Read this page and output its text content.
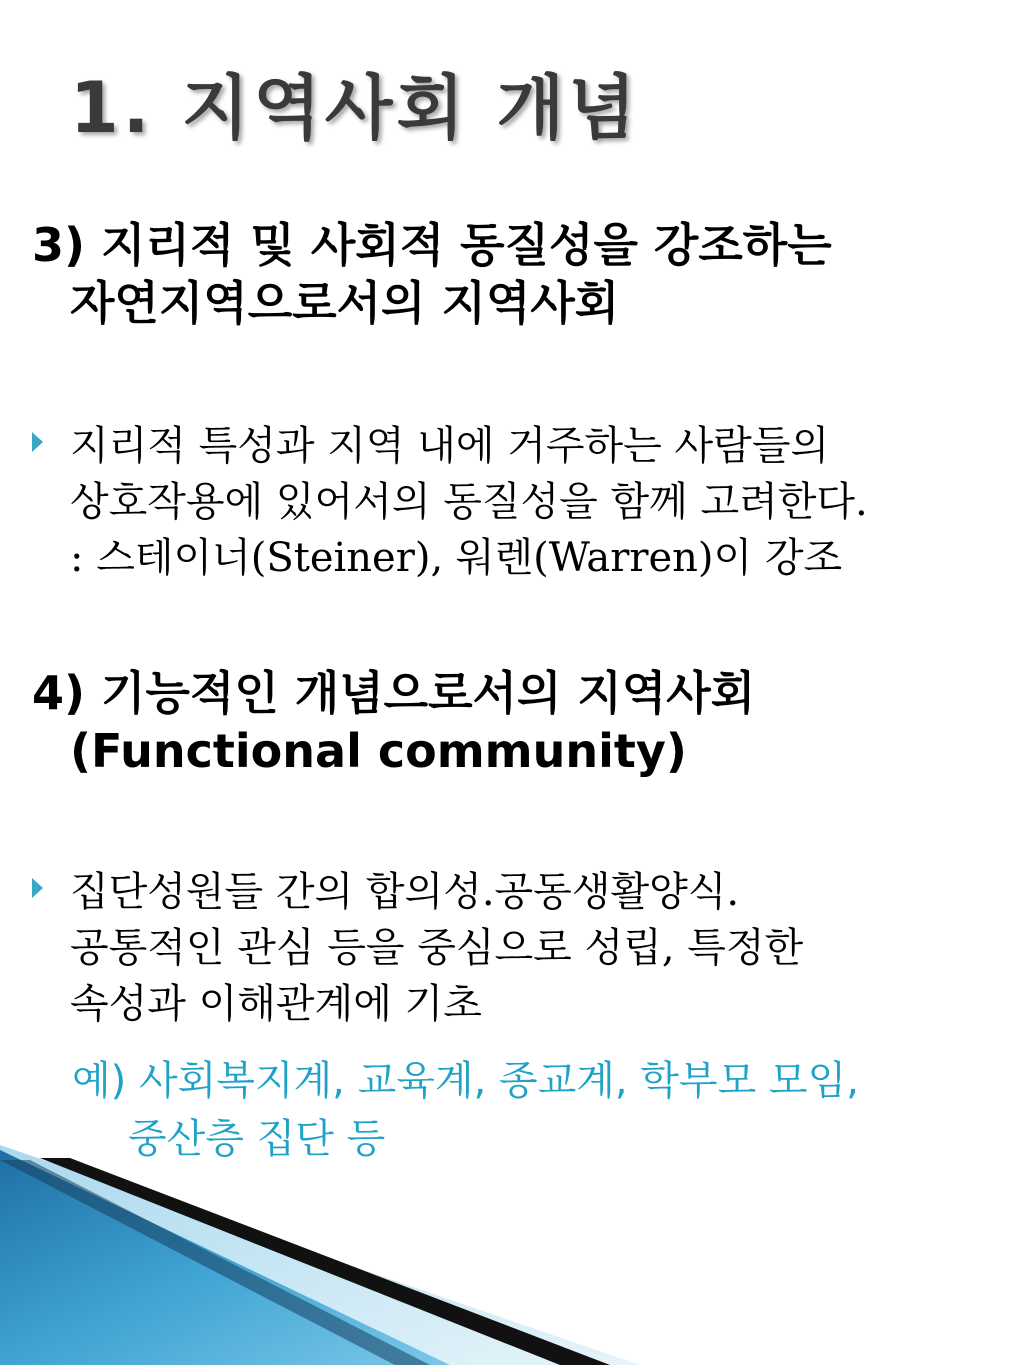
1. 지역사회 개념
3) 지리적 및 사회적 동질성을 강조하는
자연지역으로서의 지역사회
지리적 특성과 지역 내에 거주하는 사람들의
상호작용에 있어서의 동질성을 함께 고려한다.
: 스테이너(Steiner), 워렌(Warren)이 강조
4) 기능적인 개념으로서의 지역사회
(Functional community)
집단성원들 간의 합의성.공동생활양식.
공통적인 관심 등을 중심으로 성립, 특정한
속성과 이해관계에 기초
예) 사회복지계, 교육계, 종교계, 학부모 모임,
중산층 집단 등
